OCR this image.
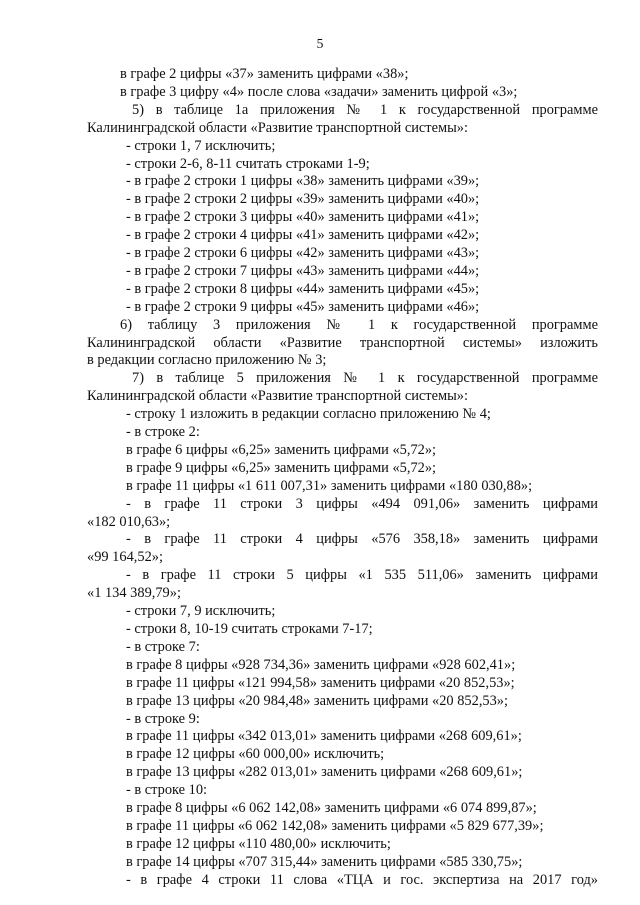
5

в графе 2 цифры «37» заменить цифрами «38»;

в графе 3 цифру «4» после слова «задачи» заменить цифрой «3»;

5) в таблице 1а приложения № 1 к государственной программе

Калининградской области «Развитие транспортной системы»:

- строки 1, 7 исключить;

- строки 2-6, 8-11 считать строками 1-9;

- в графе 2 строки 1 цифры «38» заменить цифрами «39»;

- в графе 2 строки 2 цифры «39» заменить цифрами «40»;

- в графе 2 строки 3 цифры «40» заменить цифрами «41»;

- в графе 2 строки 4 цифры «41» заменить цифрами «42»;

- в графе 2 строки 6 цифры «42» заменить цифрами «43»;

- в графе 2 строки 7 цифры «43» заменить цифрами «44»;

- в графе 2 строки 8 цифры «44» заменить цифрами «45»;

- в графе 2 строки 9 цифры «45» заменить цифрами «46»;

6) таблицу 3 приложения № 1 к государственной программе

Калининградской области «Развитие транспортной системы» изложить

в редакции согласно приложению № 3;

7) в таблице 5 приложения № 1 к государственной программе

Калининградской области «Развитие транспортной системы»:

- строку 1 изложить в редакции согласно приложению № 4;

- в строке 2:

в графе 6 цифры «6,25» заменить цифрами «5,72»;

в графе 9 цифры «6,25» заменить цифрами «5,72»;

в графе 11 цифры «1 611 007,31» заменить цифрами «180 030,88»;

- в графе 11 строки 3 цифры «494 091,06» заменить цифрами

«182 010,63»;

- в графе 11 строки 4 цифры «576 358,18» заменить цифрами

«99 164,52»;

- в графе 11 строки 5 цифры «1 535 511,06» заменить цифрами

«1 134 389,79»;

- строки 7, 9 исключить;

- строки 8, 10-19 считать строками 7-17;

- в строке 7:

в графе 8 цифры «928 734,36» заменить цифрами «928 602,41»;

в графе 11 цифры «121 994,58» заменить цифрами «20 852,53»;

в графе 13 цифры «20 984,48» заменить цифрами «20 852,53»;

- в строке 9:

в графе 11 цифры «342 013,01» заменить цифрами «268 609,61»;

в графе 12 цифры «60 000,00» исключить;

в графе 13 цифры «282 013,01» заменить цифрами «268 609,61»;

- в строке 10:

в графе 8 цифры «6 062 142,08» заменить цифрами «6 074 899,87»;

в графе 11 цифры «6 062 142,08» заменить цифрами «5 829 677,39»;

в графе 12 цифры «110 480,00» исключить;

в графе 14 цифры «707 315,44» заменить цифрами «585 330,75»;

- в графе 4 строки 11 слова «ТЦА и гос. экспертиза на 2017 год»
